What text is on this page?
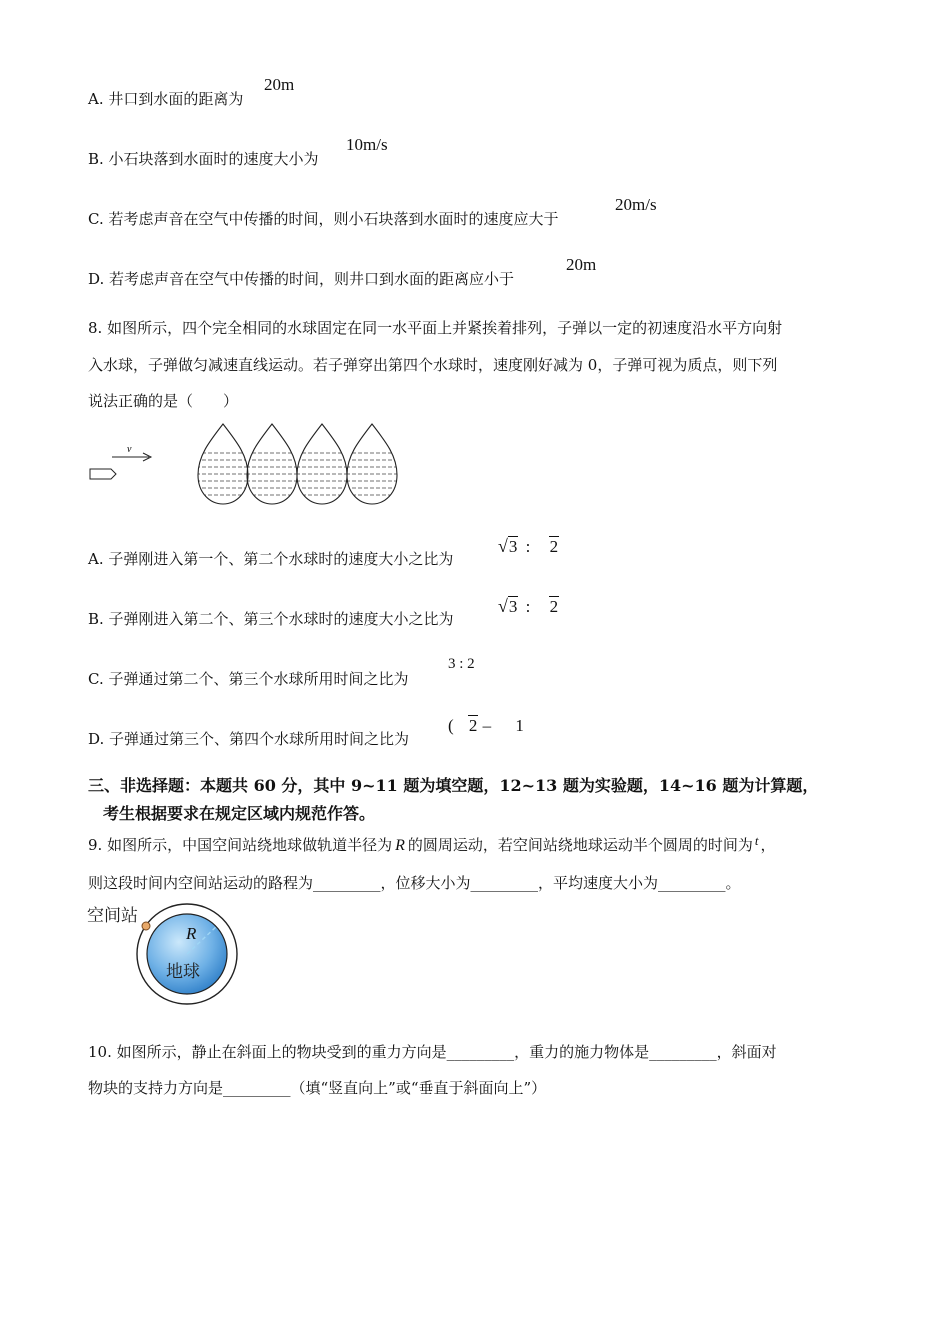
A. 井口到水面的距离为
20m
B. 小石块落到水面时的速度大小为
10m/s
C. 若考虑声音在空气中传播的时间，则小石块落到水面时的速度应大于
20m/s
D. 若考虑声音在空气中传播的时间，则井口到水面的距离应小于
20m
8. 如图所示，四个完全相同的水球固定在同一水平面上并紧挨着排列，子弹以一定的初速度沿水平方向射
入水球，子弹做匀减速直线运动。若子弹穿出第四个水球时，速度刚好减为 0，子弹可视为质点，则下列
说法正确的是（　　）
v
A. 子弹刚进入第一个、第二个水球时的速度大小之比为
√3 : 2
B. 子弹刚进入第二个、第三个水球时的速度大小之比为
√3 : 2
C. 子弹通过第二个、第三个水球所用时间之比为
3 : 2
D. 子弹通过第三个、第四个水球所用时间之比为
( 2 – 1
三、非选择题：本题共 60 分，其中 9~11 题为填空题，12~13 题为实验题，14~16 题为计算题，
考生根据要求在规定区域内规范作答。
9. 如图所示，中国空间站绕地球做轨道半径为 R 的圆周运动，若空间站绕地球运动半个圆周的时间为 t ，
则这段时间内空间站运动的路程为_________，位移大小为_________，平均速度大小为_________。
空间站
R
地球
10. 如图所示，静止在斜面上的物块受到的重力方向是_________，重力的施力物体是_________，斜面对
物块的支持力方向是_________（填“竖直向上”或“垂直于斜面向上”）
